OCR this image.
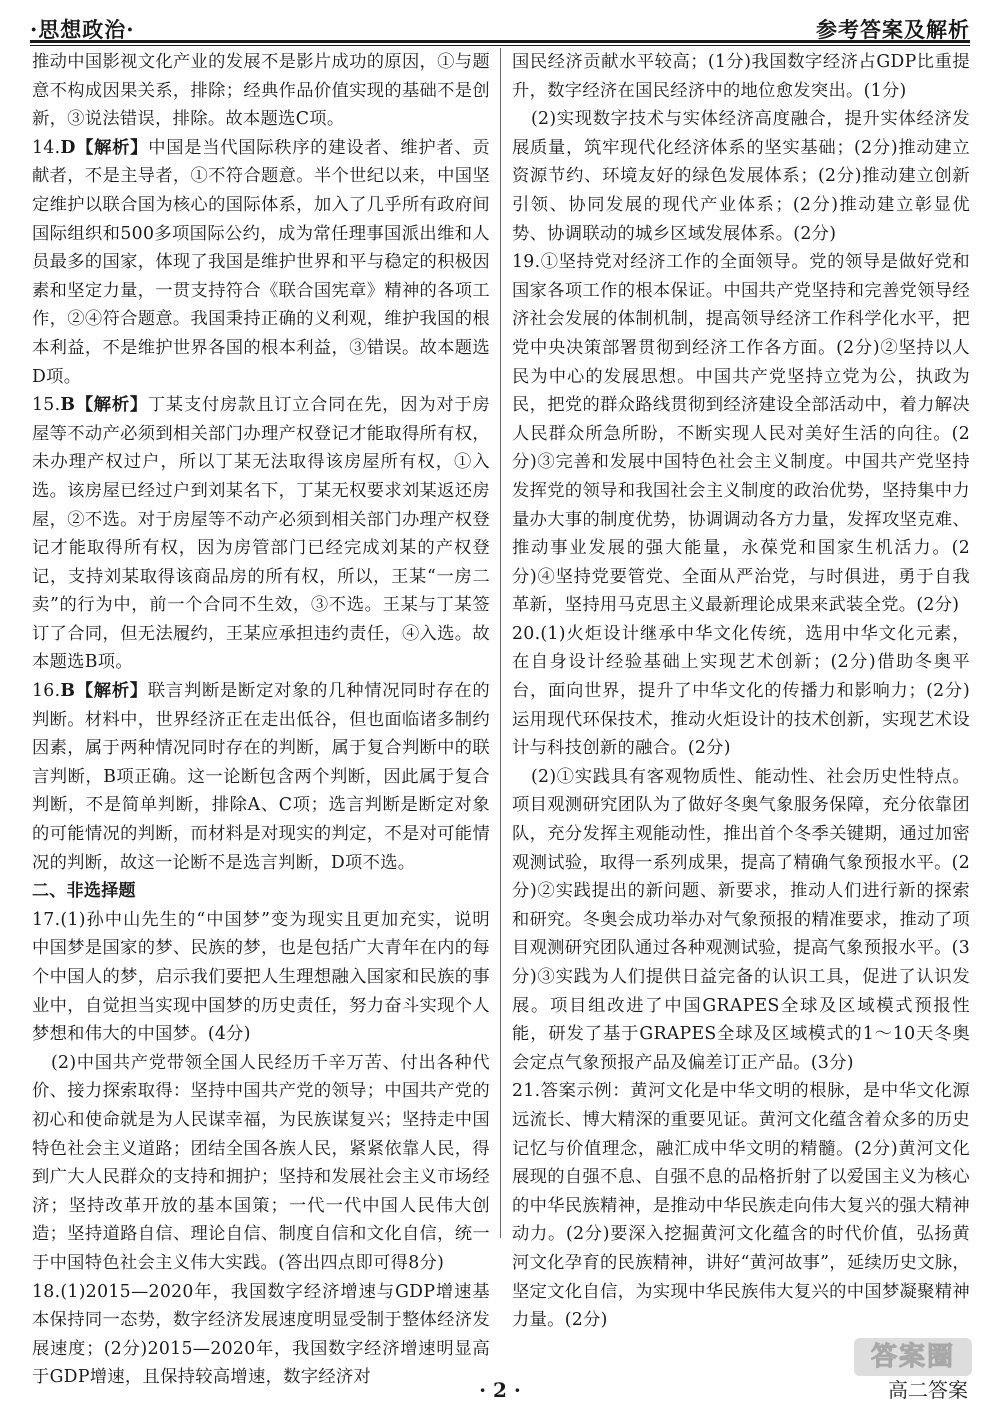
·思想政治·	参考答案及解析

推动中国影视文化产业的发展不是影片成功的原因，①与题意不构成因果关系，排除；经典作品价值实现的基础不是创新，③说法错误，排除。故本题选C项。

14.D【解析】中国是当代国际秩序的建设者、维护者、贡献者，不是主导者，①不符合题意。半个世纪以来，中国坚定维护以联合国为核心的国际体系，加入了几乎所有政府间国际组织和500多项国际公约，成为常任理事国派出维和人员最多的国家，体现了我国是维护世界和平与稳定的积极因素和坚定力量，一贯支持符合《联合国宪章》精神的各项工作，②④符合题意。我国秉持正确的义利观，维护我国的根本利益，不是维护世界各国的根本利益，③错误。故本题选D项。

15.B【解析】丁某支付房款且订立合同在先，因为对于房屋等不动产必须到相关部门办理产权登记才能取得所有权，未办理产权过户，所以丁某无法取得该房屋所有权，①入选。该房屋已经过户到刘某名下，丁某无权要求刘某返还房屋，②不选。对于房屋等不动产必须到相关部门办理产权登记才能取得所有权，因为房管部门已经完成刘某的产权登记，支持刘某取得该商品房的所有权，所以，王某“一房二卖”的行为中，前一个合同不生效，③不选。王某与丁某签订了合同，但无法履约，王某应承担违约责任，④入选。故本题选B项。

16.B【解析】联言判断是断定对象的几种情况同时存在的判断。材料中，世界经济正在走出低谷，但也面临诸多制约因素，属于两种情况同时存在的判断，属于复合判断中的联言判断，B项正确。这一论断包含两个判断，因此属于复合判断，不是简单判断，排除A、C项；选言判断是断定对象的可能情况的判断，而材料是对现实的判定，不是对可能情况的判断，故这一论断不是选言判断，D项不选。

二、非选择题

17.(1)孙中山先生的“中国梦”变为现实且更加充实，说明中国梦是国家的梦、民族的梦，也是包括广大青年在内的每个中国人的梦，启示我们要把人生理想融入国家和民族的事业中，自觉担当实现中国梦的历史责任，努力奋斗实现个人梦想和伟大的中国梦。(4分)
(2)中国共产党带领全国人民经历千辛万苦、付出各种代价、接力探索取得：坚持中国共产党的领导；中国共产党的初心和使命就是为人民谋幸福，为民族谋复兴；坚持走中国特色社会主义道路；团结全国各族人民，紧紧依靠人民，得到广大人民群众的支持和拥护；坚持和发展社会主义市场经济；坚持改革开放的基本国策；一代一代中国人民伟大创造；坚持道路自信、理论自信、制度自信和文化自信，统一于中国特色社会主义伟大实践。(答出四点即可得8分)

18.(1)2015—2020年，我国数字经济增速与GDP增速基本保持同一态势，数字经济发展速度明显受制于整体经济发展速度；(2分)2015—2020年，我国数字经济增速明显高于GDP增速，且保持较高增速，数字经济对

国民经济贡献水平较高；(1分)我国数字经济占GDP比重提升，数字经济在国民经济中的地位愈发突出。(1分)
(2)实现数字技术与实体经济高度融合，提升实体经济发展质量，筑牢现代化经济体系的坚实基础；(2分)推动建立资源节约、环境友好的绿色发展体系；(2分)推动建立创新引领、协同发展的现代产业体系；(2分)推动建立彰显优势、协调联动的城乡区域发展体系。(2分)

19.①坚持党对经济工作的全面领导。党的领导是做好党和国家各项工作的根本保证。中国共产党坚持和完善党领导经济社会发展的体制机制，提高领导经济工作科学化水平，把党中央决策部署贯彻到经济工作各方面。(2分)②坚持以人民为中心的发展思想。中国共产党坚持立党为公，执政为民，把党的群众路线贯彻到经济建设全部活动中，着力解决人民群众所急所盼，不断实现人民对美好生活的向往。(2分)③完善和发展中国特色社会主义制度。中国共产党坚持发挥党的领导和我国社会主义制度的政治优势，坚持集中力量办大事的制度优势，协调调动各方力量，发挥攻坚克难、推动事业发展的强大能量，永葆党和国家生机活力。(2分)④坚持党要管党、全面从严治党，与时俱进，勇于自我革新，坚持用马克思主义最新理论成果来武装全党。(2分)

20.(1)火炬设计继承中华文化传统，选用中华文化元素，在自身设计经验基础上实现艺术创新；(2分)借助冬奥平台，面向世界，提升了中华文化的传播力和影响力；(2分)运用现代环保技术，推动火炬设计的技术创新，实现艺术设计与科技创新的融合。(2分)
(2)①实践具有客观物质性、能动性、社会历史性特点。项目观测研究团队为了做好冬奥气象服务保障，充分依靠团队，充分发挥主观能动性，推出首个冬季关键期，通过加密观测试验，取得一系列成果，提高了精确气象预报水平。(2分)②实践提出的新问题、新要求，推动人们进行新的探索和研究。冬奥会成功举办对气象预报的精准要求，推动了项目观测研究团队通过各种观测试验，提高气象预报水平。(3分)③实践为人们提供日益完备的认识工具，促进了认识发展。项目组改进了中国GRAPES全球及区域模式预报性能，研发了基于GRAPES全球及区域模式的1～10天冬奥会定点气象预报产品及偏差订正产品。(3分)

21.答案示例：黄河文化是中华文明的根脉，是中华文化源远流长、博大精深的重要见证。黄河文化蕴含着众多的历史记忆与价值理念，融汇成中华文明的精髓。(2分)黄河文化展现的自强不息、自强不息的品格折射了以爱国主义为核心的中华民族精神，是推动中华民族走向伟大复兴的强大精神动力。(2分)要深入挖掘黄河文化蕴含的时代价值，弘扬黄河文化孕育的民族精神，讲好“黄河故事”，延续历史文脉，坚定文化自信，为实现中华民族伟大复兴的中国梦凝聚精神力量。(2分)

答案圈
高二答案
· 2 ·
